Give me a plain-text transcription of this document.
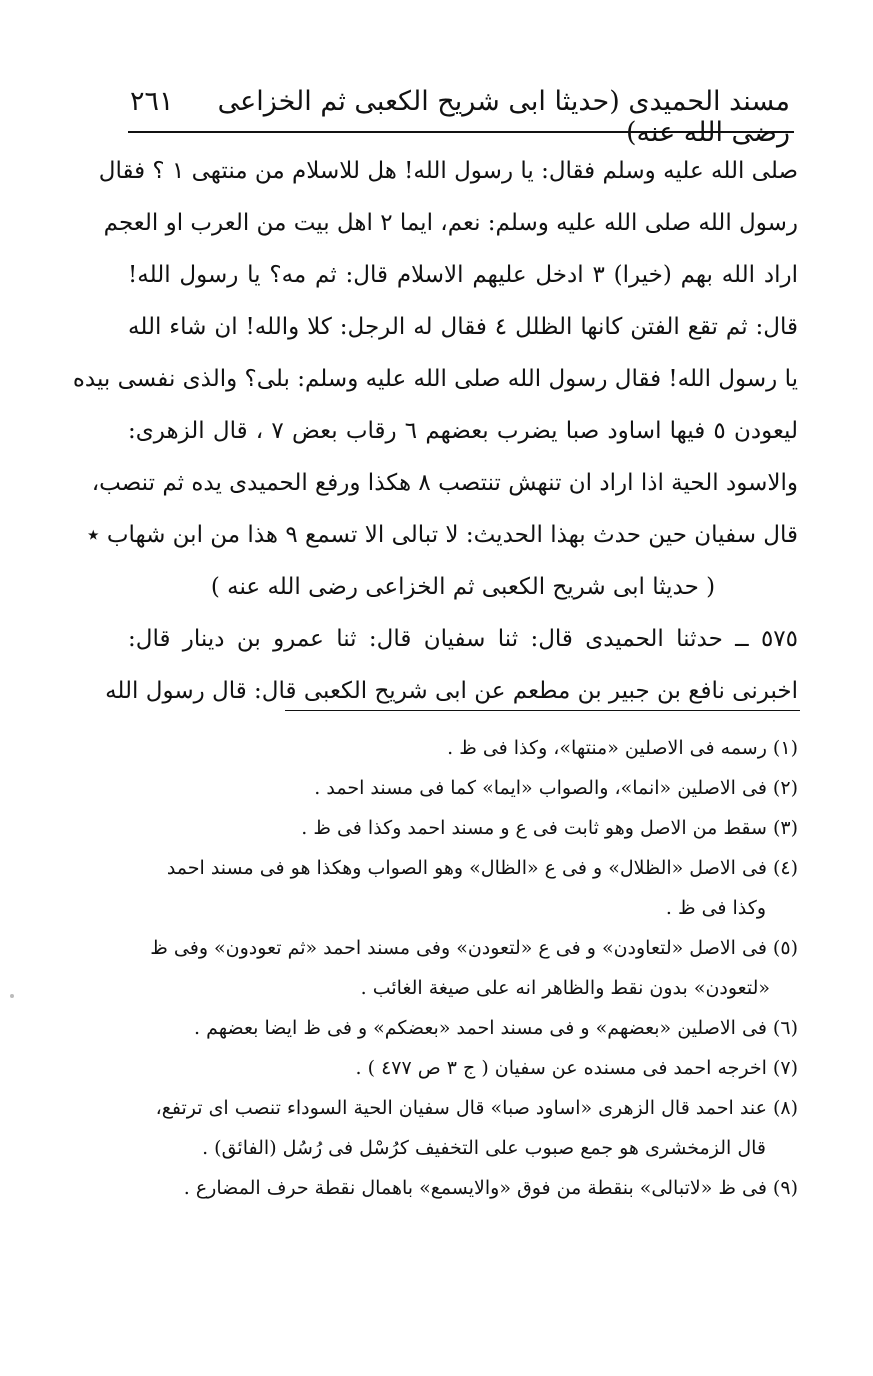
مسند الحميدى (حديثا ابى شريح الكعبى ثم الخزاعى رضى الله عنه)
٢٦١
صلى الله عليه وسلم فقال: يا رسول الله! هل للاسلام من منتهى ١ ؟ فقال
رسول الله صلى الله عليه وسلم: نعم، ايما ٢ اهل بيت من العرب او العجم
اراد الله بهم (خيرا) ٣ ادخل عليهم الاسلام قال: ثم مه؟ يا رسول الله!
قال: ثم تقع الفتن كانها الظلل ٤ فقال له الرجل: كلا والله! ان شاء الله
يا رسول الله! فقال رسول الله صلى الله عليه وسلم: بلى؟ والذى نفسى بيده
ليعودن ٥ فيها اساود صبا يضرب بعضهم ٦ رقاب بعض ٧ ، قال الزهرى:
والاسود الحية اذا اراد ان تنهش تنتصب ٨ هكذا ورفع الحميدى يده ثم تنصب،
قال سفيان حين حدث بهذا الحديث: لا تبالى الا تسمع ٩ هذا من ابن شهاب ٭
( حديثا ابى شريح الكعبى ثم الخزاعى رضى الله عنه )
٥٧٥ ــ حدثنا الحميدى قال: ثنا سفيان قال: ثنا عمرو بن دينار قال:
اخبرنى نافع بن جبير بن مطعم عن ابى شريح الكعبى قال: قال رسول الله
(١) رسمه فى الاصلين «منتها»، وكذا فى ظ .
(٢) فى الاصلين «انما»، والصواب «ايما» كما فى مسند احمد .
(٣) سقط من الاصل وهو ثابت فى ع و مسند احمد وكذا فى ظ .
(٤) فى الاصل «الظلال» و فى ع «الظال» وهو الصواب وهكذا هو فى مسند احمد
وكذا فى ظ .
(٥) فى الاصل «لتعاودن» و فى ع «لتعودن» وفى مسند احمد «ثم تعودون» وفى ظ
«لتعودن» بدون نقط والظاهر انه على صيغة الغائب .
(٦) فى الاصلين «بعضهم» و فى مسند احمد «بعضكم» و فى ظ ايضا بعضهم .
(٧) اخرجه احمد فى مسنده عن سفيان ( ج ٣ ص ٤٧٧ ) .
(٨) عند احمد قال الزهرى «اساود صبا» قال سفيان الحية السوداء تنصب اى ترتفع،
قال الزمخشرى هو جمع صبوب على التخفيف كرُسْل فى رُسُل (الفائق) .
(٩) فى ظ «لاتبالى» بنقطة من فوق «والايسمع» باهمال نقطة حرف المضارع .
